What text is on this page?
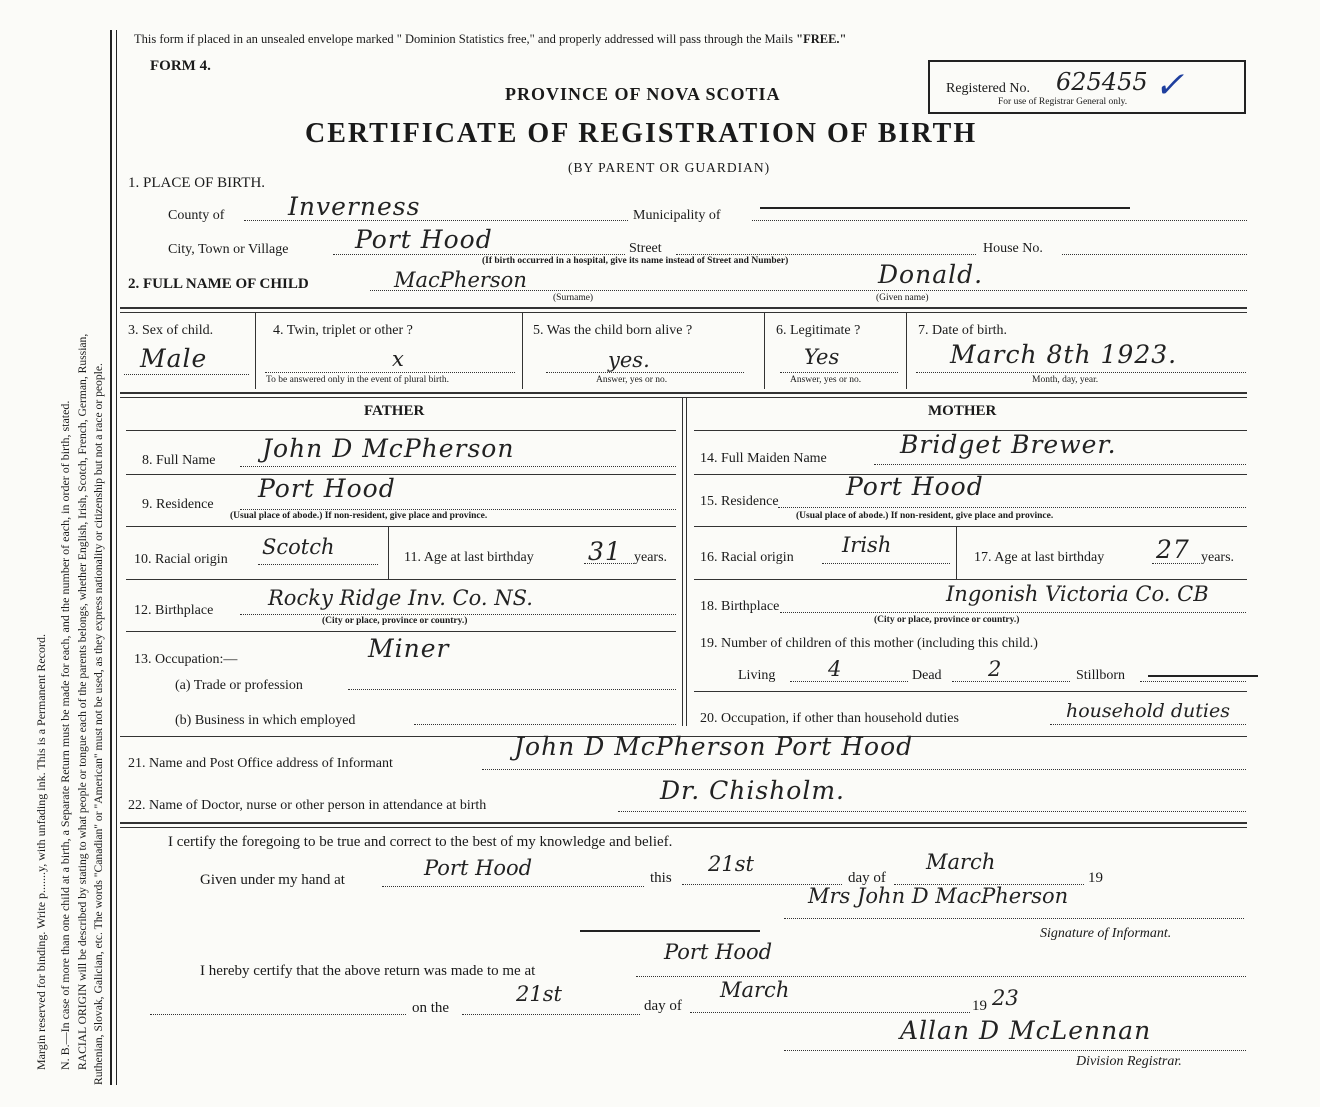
Margin reserved for binding. Write p.......y, with unfading ink. This is a Permanent Record. N. B.—In case of more than one child at a birth, a Separate Return must be made for each, and the number of each, in order of birth, stated. RACIAL ORIGIN will be described by stating to what people or tongue each of the parents belongs, whether English, Irish, Scotch, French, German, Russian, Ruthenian, Slovak, Galician, etc. The words "Canadian" or "American" must not be used, as they express nationality or citizenship but not a race or people.
This form if placed in an unsealed envelope marked " Dominion Statistics free," and properly addressed will pass through the Mails "FREE."
FORM 4.
Registered No. 625455 ✓
For use of Registrar General only.
PROVINCE OF NOVA SCOTIA
CERTIFICATE OF REGISTRATION OF BIRTH
(BY PARENT OR GUARDIAN)
1. PLACE OF BIRTH.
County of	Inverness	Municipality of
City, Town or Village	Port Hood	Street	House No.
(If birth occurred in a hospital, give its name instead of Street and Number)
2. FULL NAME OF CHILD	MacPherson
(Surname)
Donald.
(Given name)
3. Sex of child.
Male
4. Twin, triplet or other ?
x
To be answered only in the event of plural birth.
5. Was the child born alive ?
yes.
Answer, yes or no.
6. Legitimate ?
Yes
Answer, yes or no.
7. Date of birth.
March 8th 1923.
Month, day, year.
FATHER
8. Full Name John D McPherson
9. Residence
Port Hood
(Usual place of abode.) If non-resident, give place and province.
10. Racial origin
Scotch	11. Age at last birthday 31 years.
12. Birthplace
Rocky Ridge Inv. Co. NS.
(City or place, province or country.)
13. Occupation:—	Miner
(a) Trade or profession
(b) Business in which employed
MOTHER
14. Full Maiden Name	Bridget Brewer.
15. Residence
Port Hood
(Usual place of abode.) If non-resident, give place and province.
16. Racial origin
Irish
17. Age at last birthday 27 years.
18. Birthplace
Ingonish Victoria Co. CB
(City or place, province or country.)
19. Number of children of this mother (including this child.)
Living	4	Dead 2	Stillborn
20. Occupation, if other than household duties	household duties
21. Name and Post Office address of Informant
John D McPherson Port Hood
22. Name of Doctor, nurse or other person in attendance at birth
Dr. Chisholm.
I certify the foregoing to be true and correct to the best of my knowledge and belief.
Given under my hand at	Port Hood	this
21st
day of
March
19
Mrs John D MacPherson
Signature of Informant.
I hereby certify that the above return was made to me at
Port Hood
on the
21st	day of
March
19 23
Allan D McLennan
Division Registrar.
